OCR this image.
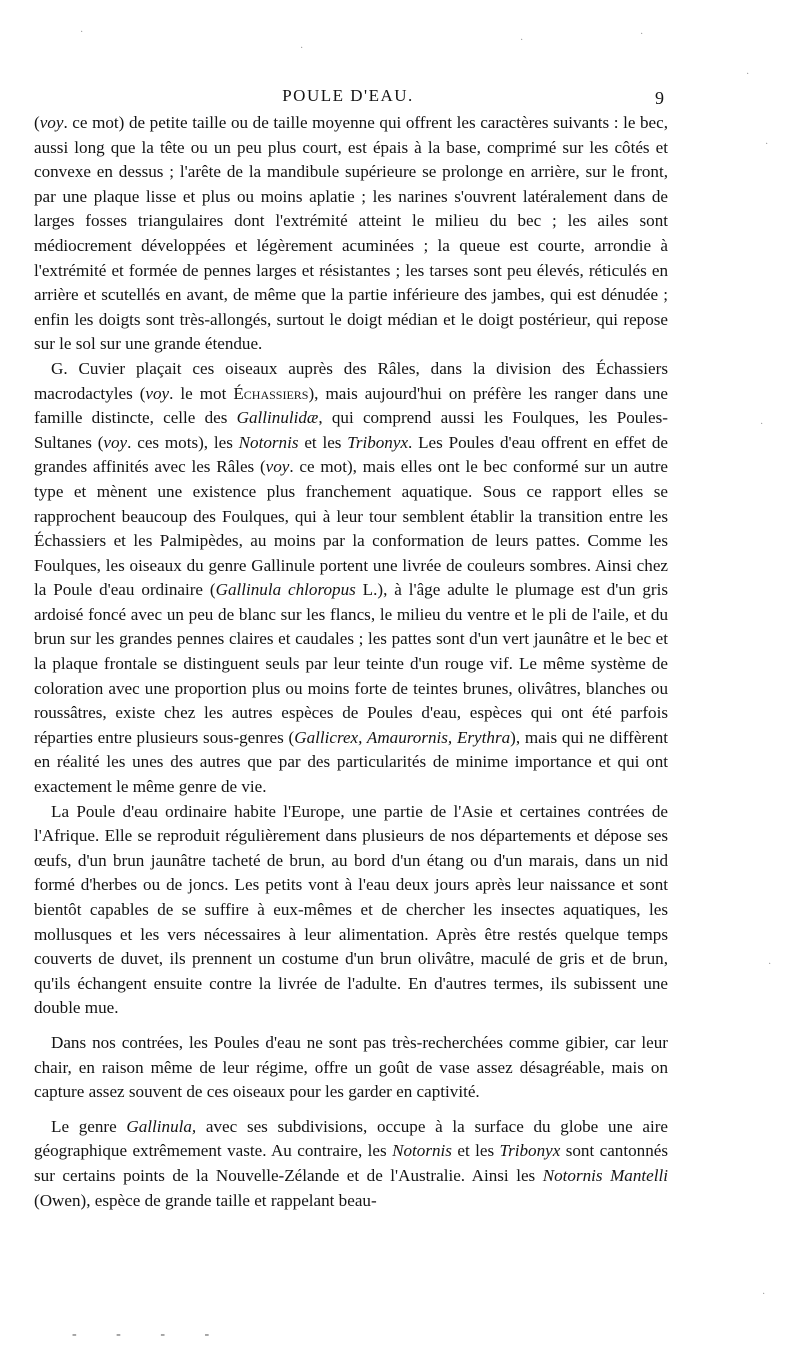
POULE D'EAU.	9

(voy. ce mot) de petite taille ou de taille moyenne qui offrent les caractères suivants : le bec, aussi long que la tête ou un peu plus court, est épais à la base, comprimé sur les côtés et convexe en dessus ; l'arête de la mandibule supérieure se prolonge en arrière, sur le front, par une plaque lisse et plus ou moins aplatie ; les narines s'ouvrent latéralement dans de larges fosses triangulaires dont l'extrémité atteint le milieu du bec ; les ailes sont médiocrement développées et légèrement acuminées ; la queue est courte, arrondie à l'extrémité et formée de pennes larges et résistantes ; les tarses sont peu élevés, réticulés en arrière et scutellés en avant, de même que la partie inférieure des jambes, qui est dénudée ; enfin les doigts sont très-allongés, surtout le doigt médian et le doigt postérieur, qui repose sur le sol sur une grande étendue.

G. Cuvier plaçait ces oiseaux auprès des Râles, dans la division des Échassiers macrodactyles (voy. le mot Échassiers), mais aujourd'hui on préfère les ranger dans une famille distincte, celle des Gallinulidæ, qui comprend aussi les Foulques, les Poules-Sultanes (voy. ces mots), les Notornis et les Tribonyx. Les Poules d'eau offrent en effet de grandes affinités avec les Râles (voy. ce mot), mais elles ont le bec conformé sur un autre type et mènent une existence plus franchement aquatique. Sous ce rapport elles se rapprochent beaucoup des Foulques, qui à leur tour semblent établir la transition entre les Échassiers et les Palmipèdes, au moins par la conformation de leurs pattes. Comme les Foulques, les oiseaux du genre Gallinule portent une livrée de couleurs sombres. Ainsi chez la Poule d'eau ordinaire (Gallinula chloropus L.), à l'âge adulte le plumage est d'un gris ardoisé foncé avec un peu de blanc sur les flancs, le milieu du ventre et le pli de l'aile, et du brun sur les grandes pennes claires et caudales ; les pattes sont d'un vert jaunâtre et le bec et la plaque frontale se distinguent seuls par leur teinte d'un rouge vif. Le même système de coloration avec une proportion plus ou moins forte de teintes brunes, olivâtres, blanches ou roussâtres, existe chez les autres espèces de Poules d'eau, espèces qui ont été parfois réparties entre plusieurs sous-genres (Gallicrex, Amaurornis, Erythra), mais qui ne diffèrent en réalité les unes des autres que par des particularités de minime importance et qui ont exactement le même genre de vie.

La Poule d'eau ordinaire habite l'Europe, une partie de l'Asie et certaines contrées de l'Afrique. Elle se reproduit régulièrement dans plusieurs de nos départements et dépose ses œufs, d'un brun jaunâtre tacheté de brun, au bord d'un étang ou d'un marais, dans un nid formé d'herbes ou de joncs. Les petits vont à l'eau deux jours après leur naissance et sont bientôt capables de se suffire à eux-mêmes et de chercher les insectes aquatiques, les mollusques et les vers nécessaires à leur alimentation. Après être restés quelque temps couverts de duvet, ils prennent un costume d'un brun olivâtre, maculé de gris et de brun, qu'ils échangent ensuite contre la livrée de l'adulte. En d'autres termes, ils subissent une double mue.

Dans nos contrées, les Poules d'eau ne sont pas très-recherchées comme gibier, car leur chair, en raison même de leur régime, offre un goût de vase assez désagréable, mais on capture assez souvent de ces oiseaux pour les garder en captivité.

Le genre Gallinula, avec ses subdivisions, occupe à la surface du globe une aire géographique extrêmement vaste. Au contraire, les Notornis et les Tribonyx sont cantonnés sur certains points de la Nouvelle-Zélande et de l'Australie. Ainsi les Notornis Mantelli (Owen), espèce de grande taille et rappelant beau-

·
·
·
·
·
·
·
·
·
- - - -
